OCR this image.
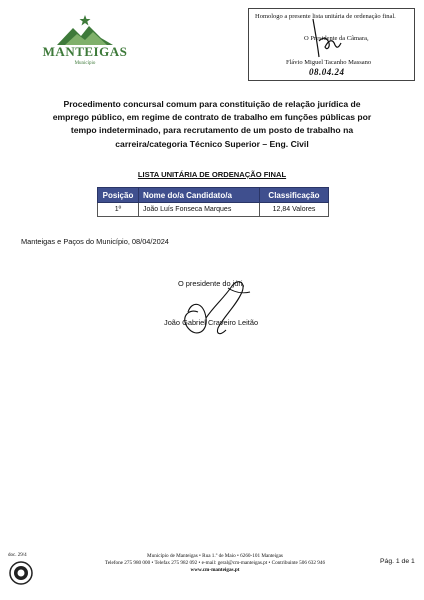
MANTEIGAS
Município
Homologo a presente lista unitária de ordenação final.
O Presidente da Câmara,
Flávio Miguel Tacanho Massano
08.04.24
Procedimento concursal comum para constituição de relação jurídica de emprego público, em regime de contrato de trabalho em funções públicas por tempo indeterminado, para recrutamento de um posto de trabalho na carreira/categoria Técnico Superior – Eng. Civil
LISTA UNITÁRIA DE ORDENAÇÃO FINAL
Posição	Nome do/a Candidato/a	Classificação
1º	João Luís Fonseca Marques	12,84 Valores
Manteigas e Paços do Município, 08/04/2024
O presidente do júri,
João Gabriel Craveiro Leitão
doc. 29/4	Município de Manteigas • Rua 1.º de Maio • 6260-101 Manteigas
Telefone 275 980 000 • Telefax 275 982 092 • e-mail: geral@cm-manteigas.pt • Contribuinte 506 632 946
www.cm-manteigas.pt
Pág. 1 de 1
